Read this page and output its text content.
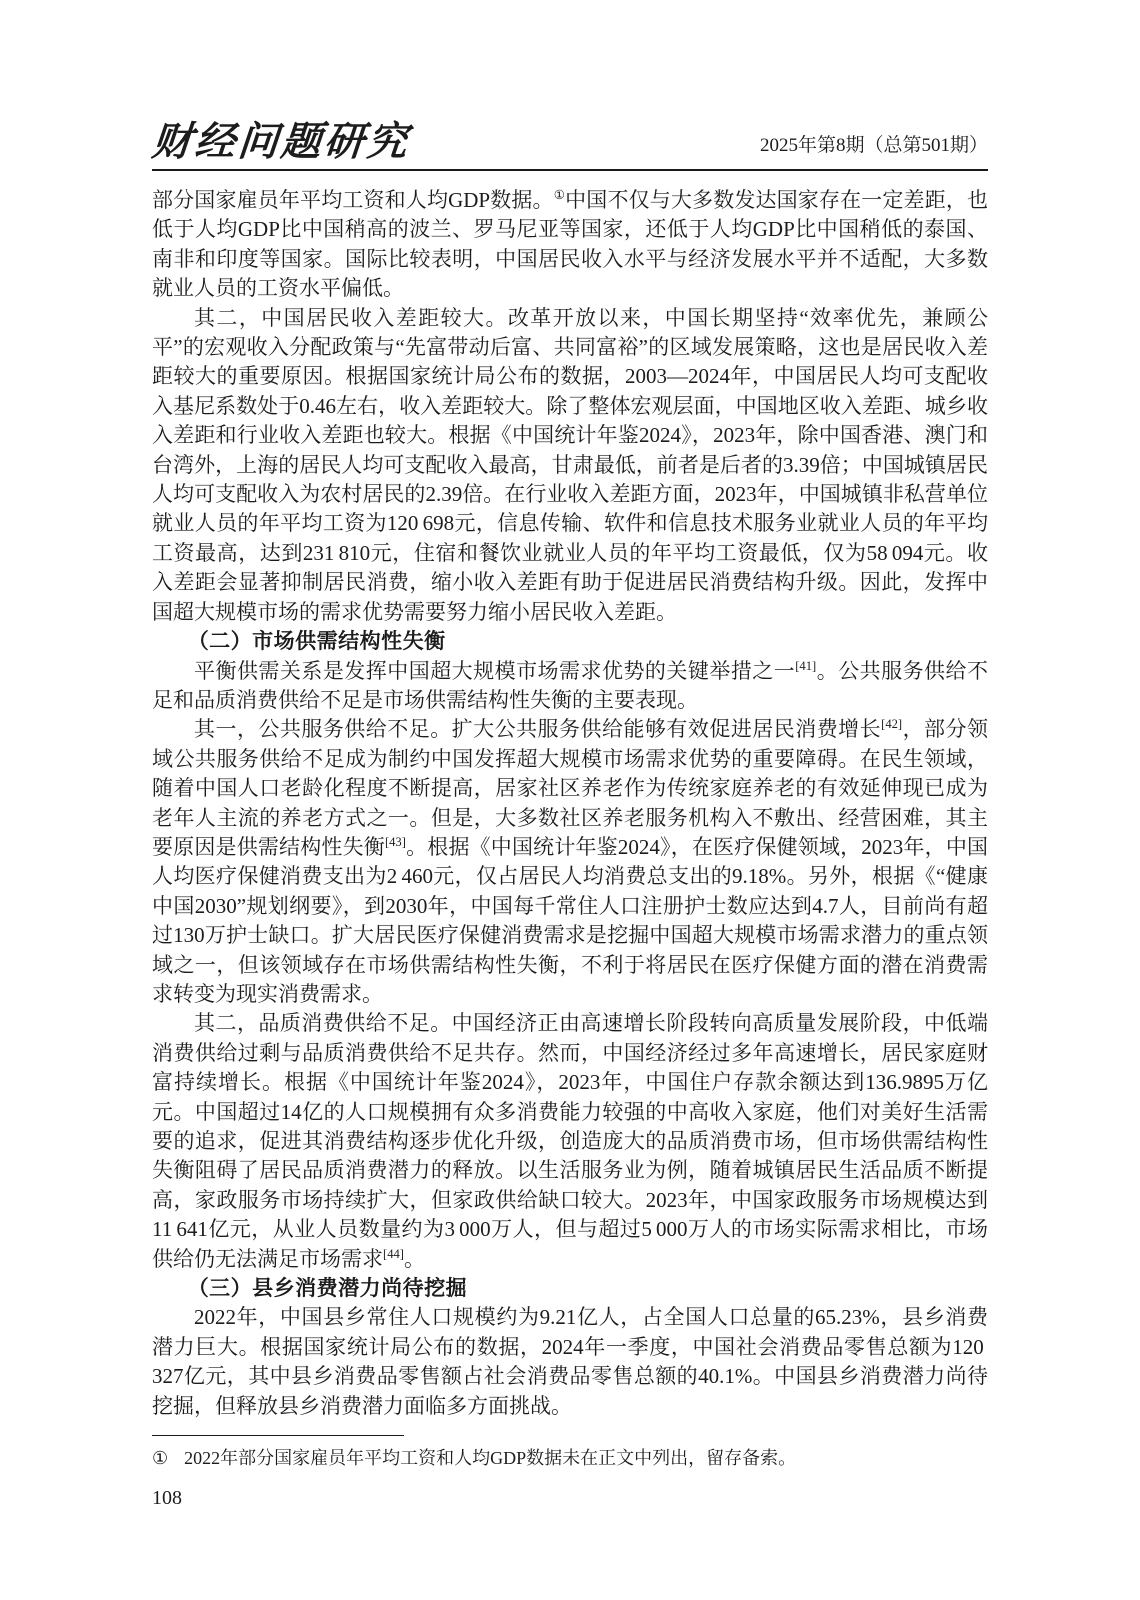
财经问题研究	2025年第8期（总第501期）

部分国家雇员年平均工资和人均GDP数据。①中国不仅与大多数发达国家存在一定差距，也低于人均GDP比中国稍高的波兰、罗马尼亚等国家，还低于人均GDP比中国稍低的泰国、南非和印度等国家。国际比较表明，中国居民收入水平与经济发展水平并不适配，大多数就业人员的工资水平偏低。

其二，中国居民收入差距较大。改革开放以来，中国长期坚持“效率优先，兼顾公平”的宏观收入分配政策与“先富带动后富、共同富裕”的区域发展策略，这也是居民收入差距较大的重要原因。根据国家统计局公布的数据，2003—2024年，中国居民人均可支配收入基尼系数处于0.46左右，收入差距较大。除了整体宏观层面，中国地区收入差距、城乡收入差距和行业收入差距也较大。根据《中国统计年鉴2024》，2023年，除中国香港、澳门和台湾外，上海的居民人均可支配收入最高，甘肃最低，前者是后者的3.39倍；中国城镇居民人均可支配收入为农村居民的2.39倍。在行业收入差距方面，2023年，中国城镇非私营单位就业人员的年平均工资为120 698元，信息传输、软件和信息技术服务业就业人员的年平均工资最高，达到231 810元，住宿和餐饮业就业人员的年平均工资最低，仅为58 094元。收入差距会显著抑制居民消费，缩小收入差距有助于促进居民消费结构升级。因此，发挥中国超大规模市场的需求优势需要努力缩小居民收入差距。

（二）市场供需结构性失衡

平衡供需关系是发挥中国超大规模市场需求优势的关键举措之一[41]。公共服务供给不足和品质消费供给不足是市场供需结构性失衡的主要表现。

其一，公共服务供给不足。扩大公共服务供给能够有效促进居民消费增长[42]，部分领域公共服务供给不足成为制约中国发挥超大规模市场需求优势的重要障碍。在民生领域，随着中国人口老龄化程度不断提高，居家社区养老作为传统家庭养老的有效延伸现已成为老年人主流的养老方式之一。但是，大多数社区养老服务机构入不敷出、经营困难，其主要原因是供需结构性失衡[43]。根据《中国统计年鉴2024》，在医疗保健领域，2023年，中国人均医疗保健消费支出为2 460元，仅占居民人均消费总支出的9.18%。另外，根据《“健康中国2030”规划纲要》，到2030年，中国每千常住人口注册护士数应达到4.7人，目前尚有超过130万护士缺口。扩大居民医疗保健消费需求是挖掘中国超大规模市场需求潜力的重点领域之一，但该领域存在市场供需结构性失衡，不利于将居民在医疗保健方面的潜在消费需求转变为现实消费需求。

其二，品质消费供给不足。中国经济正由高速增长阶段转向高质量发展阶段，中低端消费供给过剩与品质消费供给不足共存。然而，中国经济经过多年高速增长，居民家庭财富持续增长。根据《中国统计年鉴2024》，2023年，中国住户存款余额达到136.9895万亿元。中国超过14亿的人口规模拥有众多消费能力较强的中高收入家庭，他们对美好生活需要的追求，促进其消费结构逐步优化升级，创造庞大的品质消费市场，但市场供需结构性失衡阻碍了居民品质消费潜力的释放。以生活服务业为例，随着城镇居民生活品质不断提高，家政服务市场持续扩大，但家政供给缺口较大。2023年，中国家政服务市场规模达到11 641亿元，从业人员数量约为3 000万人，但与超过5 000万人的市场实际需求相比，市场供给仍无法满足市场需求[44]。

（三）县乡消费潜力尚待挖掘

2022年，中国县乡常住人口规模约为9.21亿人，占全国人口总量的65.23%，县乡消费潜力巨大。根据国家统计局公布的数据，2024年一季度，中国社会消费品零售总额为120 327亿元，其中县乡消费品零售额占社会消费品零售总额的40.1%。中国县乡消费潜力尚待挖掘，但释放县乡消费潜力面临多方面挑战。

① 2022年部分国家雇员年平均工资和人均GDP数据未在正文中列出，留存备索。
108
